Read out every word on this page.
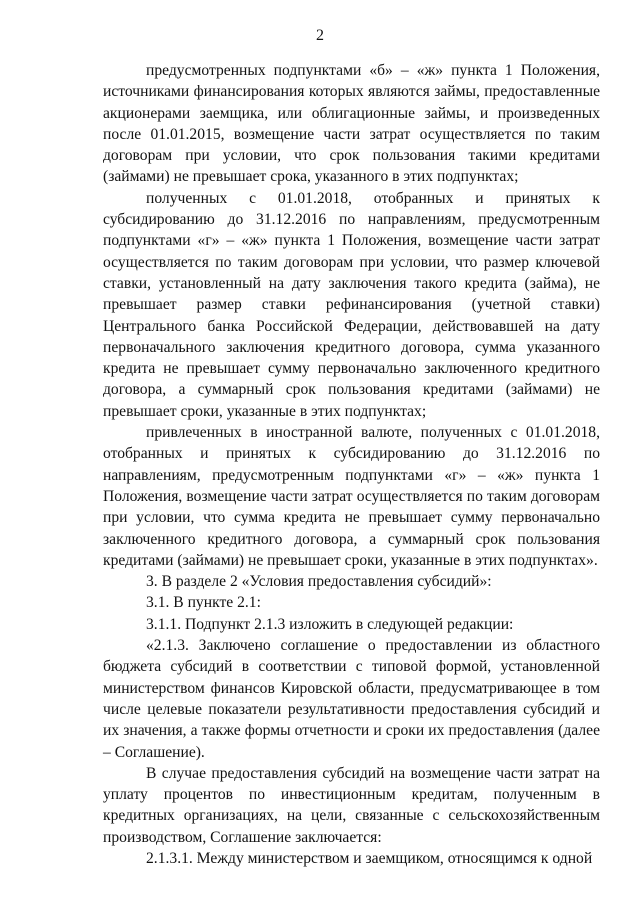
2

предусмотренных подпунктами «б» – «ж» пункта 1 Положения, источниками финансирования которых являются займы, предоставленные акционерами заемщика, или облигационные займы, и произведенных после 01.01.2015, возмещение части затрат осуществляется по таким договорам при условии, что срок пользования такими кредитами (займами) не превышает срока, указанного в этих подпунктах;

полученных с 01.01.2018, отобранных и принятых к субсидированию до 31.12.2016 по направлениям, предусмотренным подпунктами «г» – «ж» пункта 1 Положения, возмещение части затрат осуществляется по таким договорам при условии, что размер ключевой ставки, установленный на дату заключения такого кредита (займа), не превышает размер ставки рефинансирования (учетной ставки) Центрального банка Российской Федерации, действовавшей на дату первоначального заключения кредитного договора, сумма указанного кредита не превышает сумму первоначально заключенного кредитного договора, а суммарный срок пользования кредитами (займами) не превышает сроки, указанные в этих подпунктах;

привлеченных в иностранной валюте, полученных с 01.01.2018, отобранных и принятых к субсидированию до 31.12.2016 по направлениям, предусмотренным подпунктами «г» – «ж» пункта 1 Положения, возмещение части затрат осуществляется по таким договорам при условии, что сумма кредита не превышает сумму первоначально заключенного кредитного договора, а суммарный срок пользования кредитами (займами) не превышает сроки, указанные в этих подпунктах».

3. В разделе 2 «Условия предоставления субсидий»:

3.1. В пункте 2.1:

3.1.1. Подпункт 2.1.3 изложить в следующей редакции:

«2.1.3. Заключено соглашение о предоставлении из областного бюджета субсидий в соответствии с типовой формой, установленной министерством финансов Кировской области, предусматривающее в том числе целевые показатели результативности предоставления субсидий и их значения, а также формы отчетности и сроки их предоставления (далее – Соглашение).

В случае предоставления субсидий на возмещение части затрат на уплату процентов по инвестиционным кредитам, полученным в кредитных организациях, на цели, связанные с сельскохозяйственным производством, Соглашение заключается:

2.1.3.1. Между министерством и заемщиком, относящимся к одной
